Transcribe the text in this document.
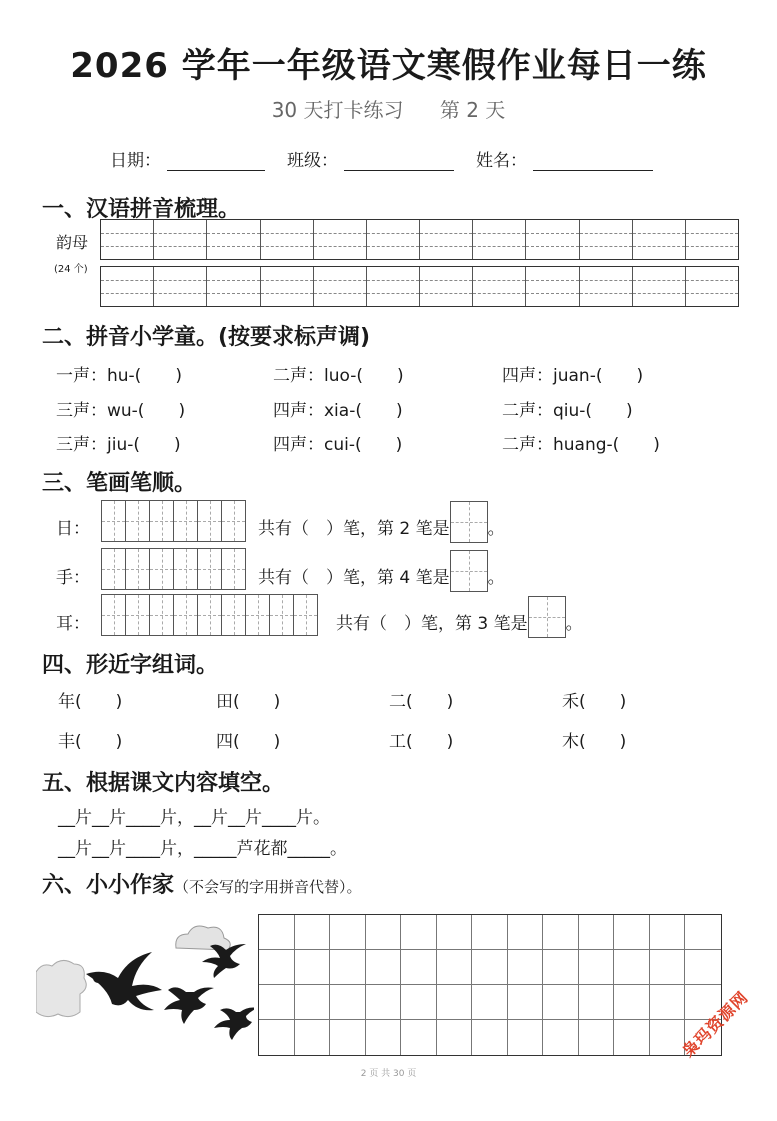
2026 学年一年级语文寒假作业每日一练
30 天打卡练习 第 2 天
日期：	班级：	姓名：
一、汉语拼音梳理。
韵母
(24 个)
二、拼音小学童。(按要求标声调)
一声：hu-(　　)	二声：luo-(　　)	四声：juan-(　　)
三声：wu-(　　)	四声：xia-(　　)	二声：qiu-(　　)
三声：jiu-(　　)	四声：cui-(　　)	二声：huang-(　　)
三、笔画笔顺。
日：	共有（　）笔，第 2 笔是 。
手：	共有（　）笔，第 4 笔是 。
耳：	共有（　）笔，第 3 笔是 。
四、形近字组词。
年(　　)	田(　　)	二(　　)	禾(　　)
丰(　　)	四(　　)	工(　　)	木(　　)
五、根据课文内容填空。
__片__片____片，__片__片____片。
__片__片____片，_____芦花都_____。
六、小小作家（不会写的字用拼音代替）。
枭玛资源网
2 页 共 30 页
